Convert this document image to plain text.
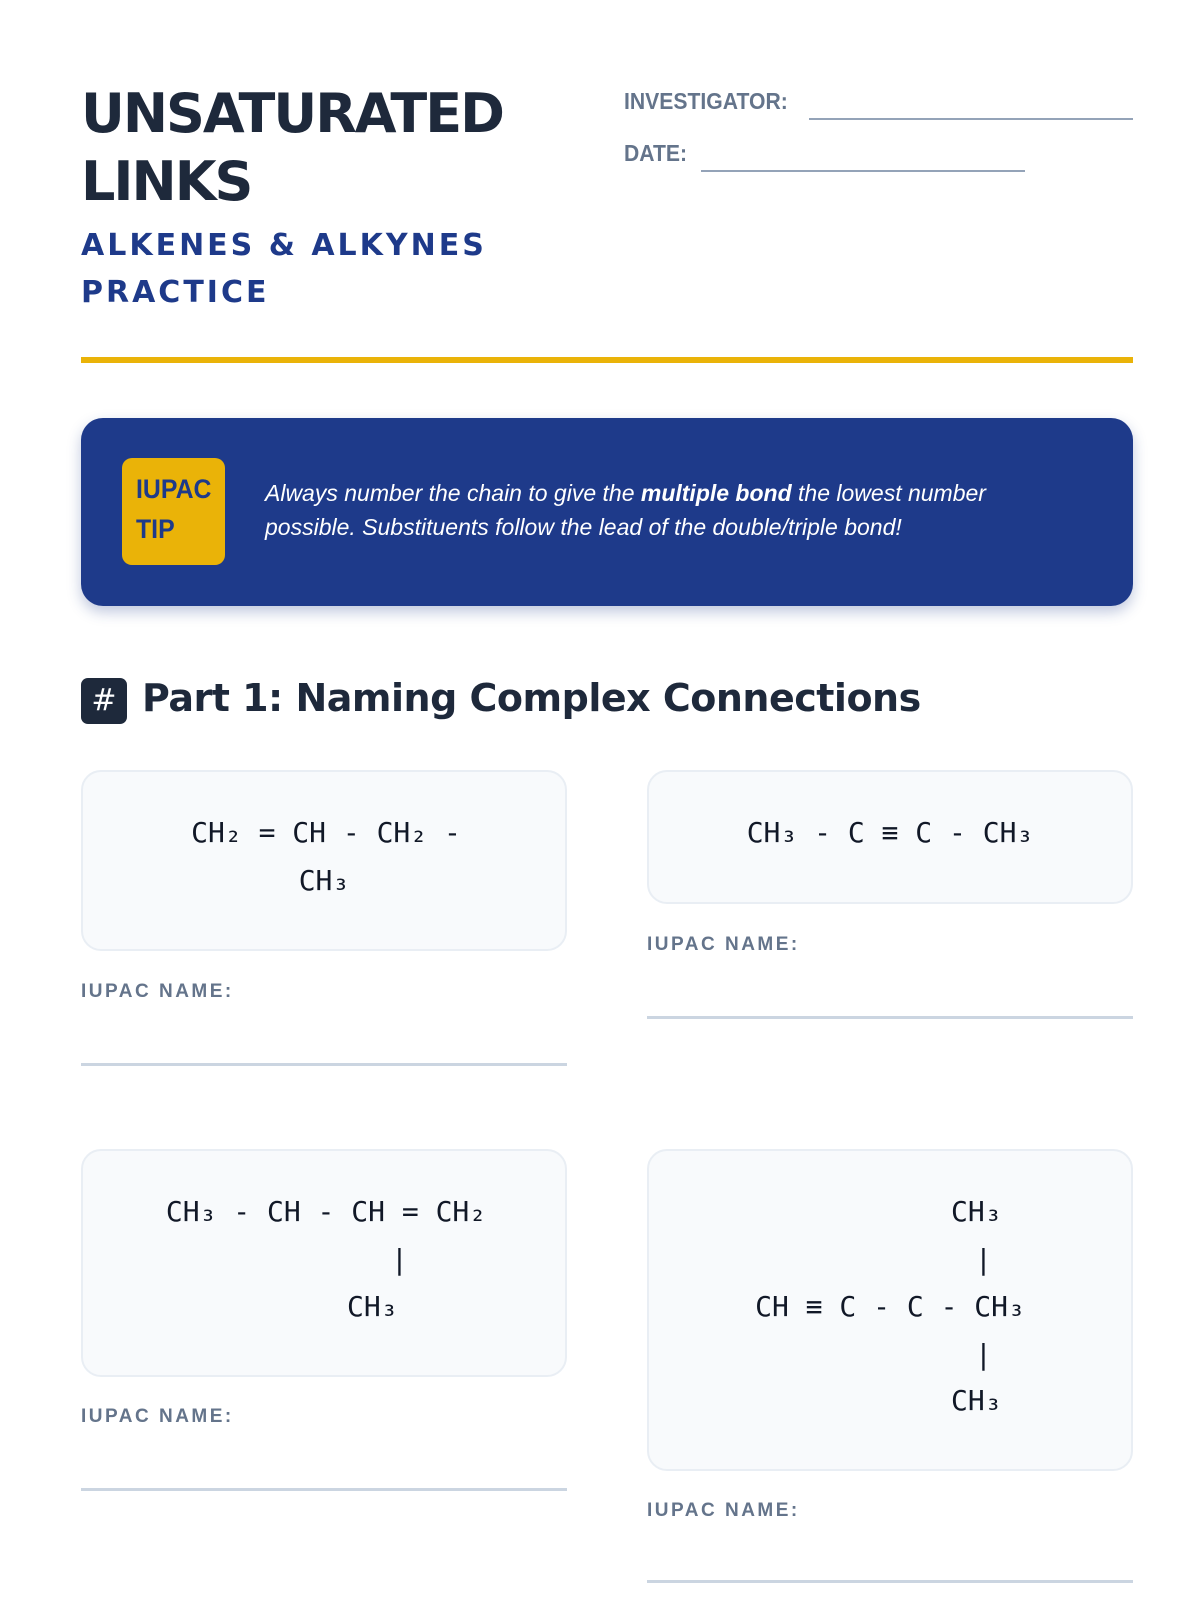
UNSATURATED LINKS
ALKENES & ALKYNES PRACTICE
INVESTIGATOR:
DATE:
IUPAC
TIP
Always number the chain to give the multiple bond the lowest number possible. Substituents follow the lead of the double/triple bond!
# Part 1: Naming Complex Connections
CH₂ = CH - CH₂ -
CH₃
IUPAC NAME:
CH₃ - C ≡ C - CH₃
IUPAC NAME:
CH₃ - CH - CH = CH₂
|
CH₃
IUPAC NAME:
CH₃
|
CH ≡ C - C - CH₃
|
CH₃
IUPAC NAME:
